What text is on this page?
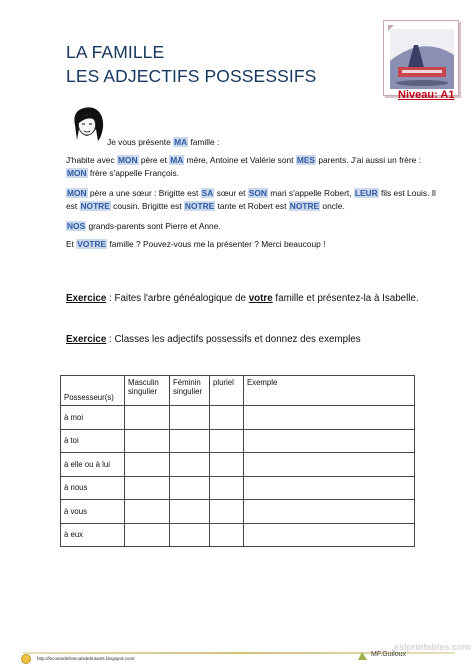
LA FAMILLE
LES ADJECTIFS POSSESSIFS
Niveau: A1
Je vous présente MA famille :
J'habite avec MON père et MA mère, Antoine et Valérie sont MES parents. J'ai aussi un frère :
MON frère s'appelle François.
MON père a une sœur : Brigitte est SA sœur et SON mari s'appelle Robert, LEUR fils est Louis. Il
est NOTRE cousin. Brigitte est NOTRE tante et Robert est NOTRE oncle.
NOS grands-parents sont Pierre et Anne.
Et VOTRE famille ? Pouvez-vous me la présenter ? Merci beaucoup !
Exercice : Faites l'arbre généalogique de votre famille et présentez-la à Isabelle.
Exercice : Classes les adjectifs possessifs et donnez des exemples
Possesseur(s)	Masculin singulier	Féminin singulier	pluriel	Exemple
à moi				
à toi				
à elle ou à lui				
à nous				
à vous				
à eux				
eslprintables.com
http://lecoursdefrancaisdebutants.blogspot.com/
MF.Guiloux
